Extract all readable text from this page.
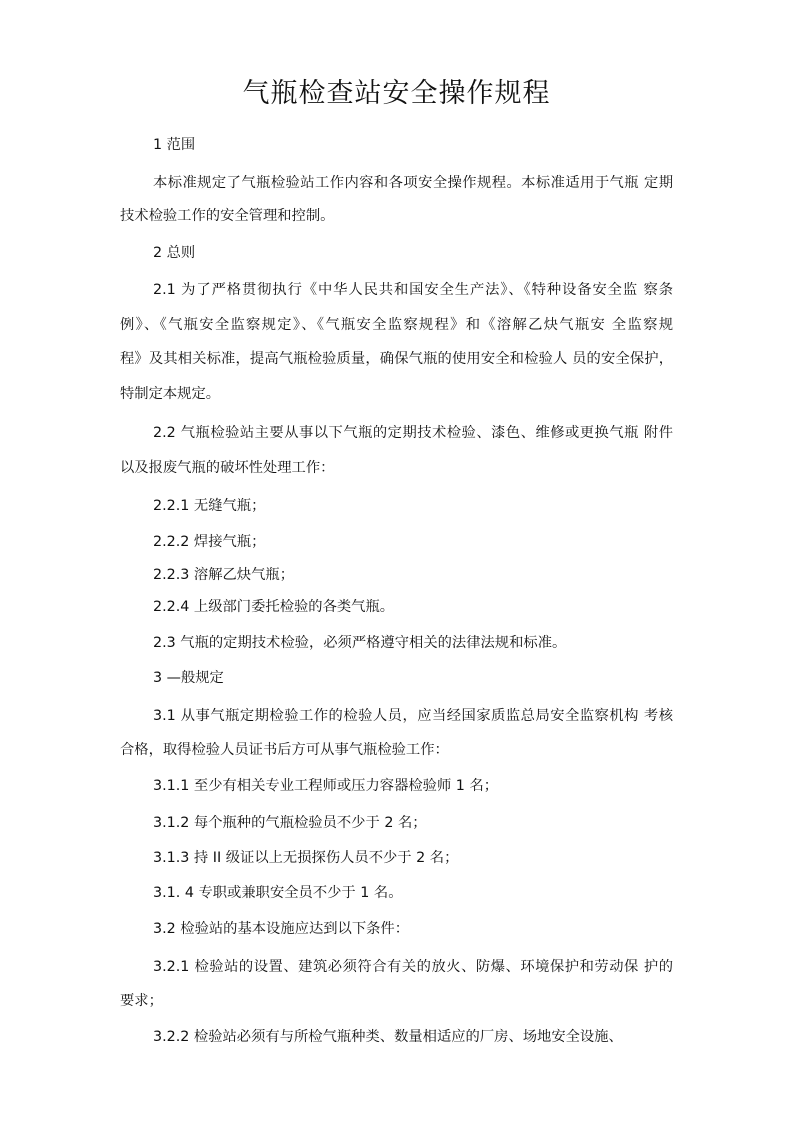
气瓶检查站安全操作规程
1 范围
本标准规定了气瓶检验站工作内容和各项安全操作规程。本标准适用于气瓶 定期
技术检验工作的安全管理和控制。
2 总则
2.1 为了严格贯彻执行《中华人民共和国安全生产法》、《特种设备安全监 察条
例》、《气瓶安全监察规定》、《气瓶安全监察规程》和《溶解乙炔气瓶安 全监察规
程》及其相关标准，提高气瓶检验质量，确保气瓶的使用安全和检验人 员的安全保护，
特制定本规定。
2.2 气瓶检验站主要从事以下气瓶的定期技术检验、漆色、维修或更换气瓶 附件
以及报废气瓶的破坏性处理工作：
2.2.1 无缝气瓶；
2.2.2 焊接气瓶；
2.2.3 溶解乙炔气瓶；
2.2.4 上级部门委托检验的各类气瓶。
2.3 气瓶的定期技术检验，必须严格遵守相关的法律法规和标准。
3 —般规定
3.1 从事气瓶定期检验工作的检验人员，应当经国家质监总局安全监察机构 考核
合格，取得检验人员证书后方可从事气瓶检验工作：
3.1.1 至少有相关专业工程师或压力容器检验师 1 名；
3.1.2 每个瓶种的气瓶检验员不少于 2 名；
3.1.3 持 II 级证以上无损探伤人员不少于 2 名；
3.1. 4 专职或兼职安全员不少于 1 名。
3.2 检验站的基本设施应达到以下条件：
3.2.1 检验站的设置、建筑必须符合有关的放火、防爆、环境保护和劳动保 护的
要求；
3.2.2 检验站必须有与所检气瓶种类、数量相适应的厂房、场地安全设施、
